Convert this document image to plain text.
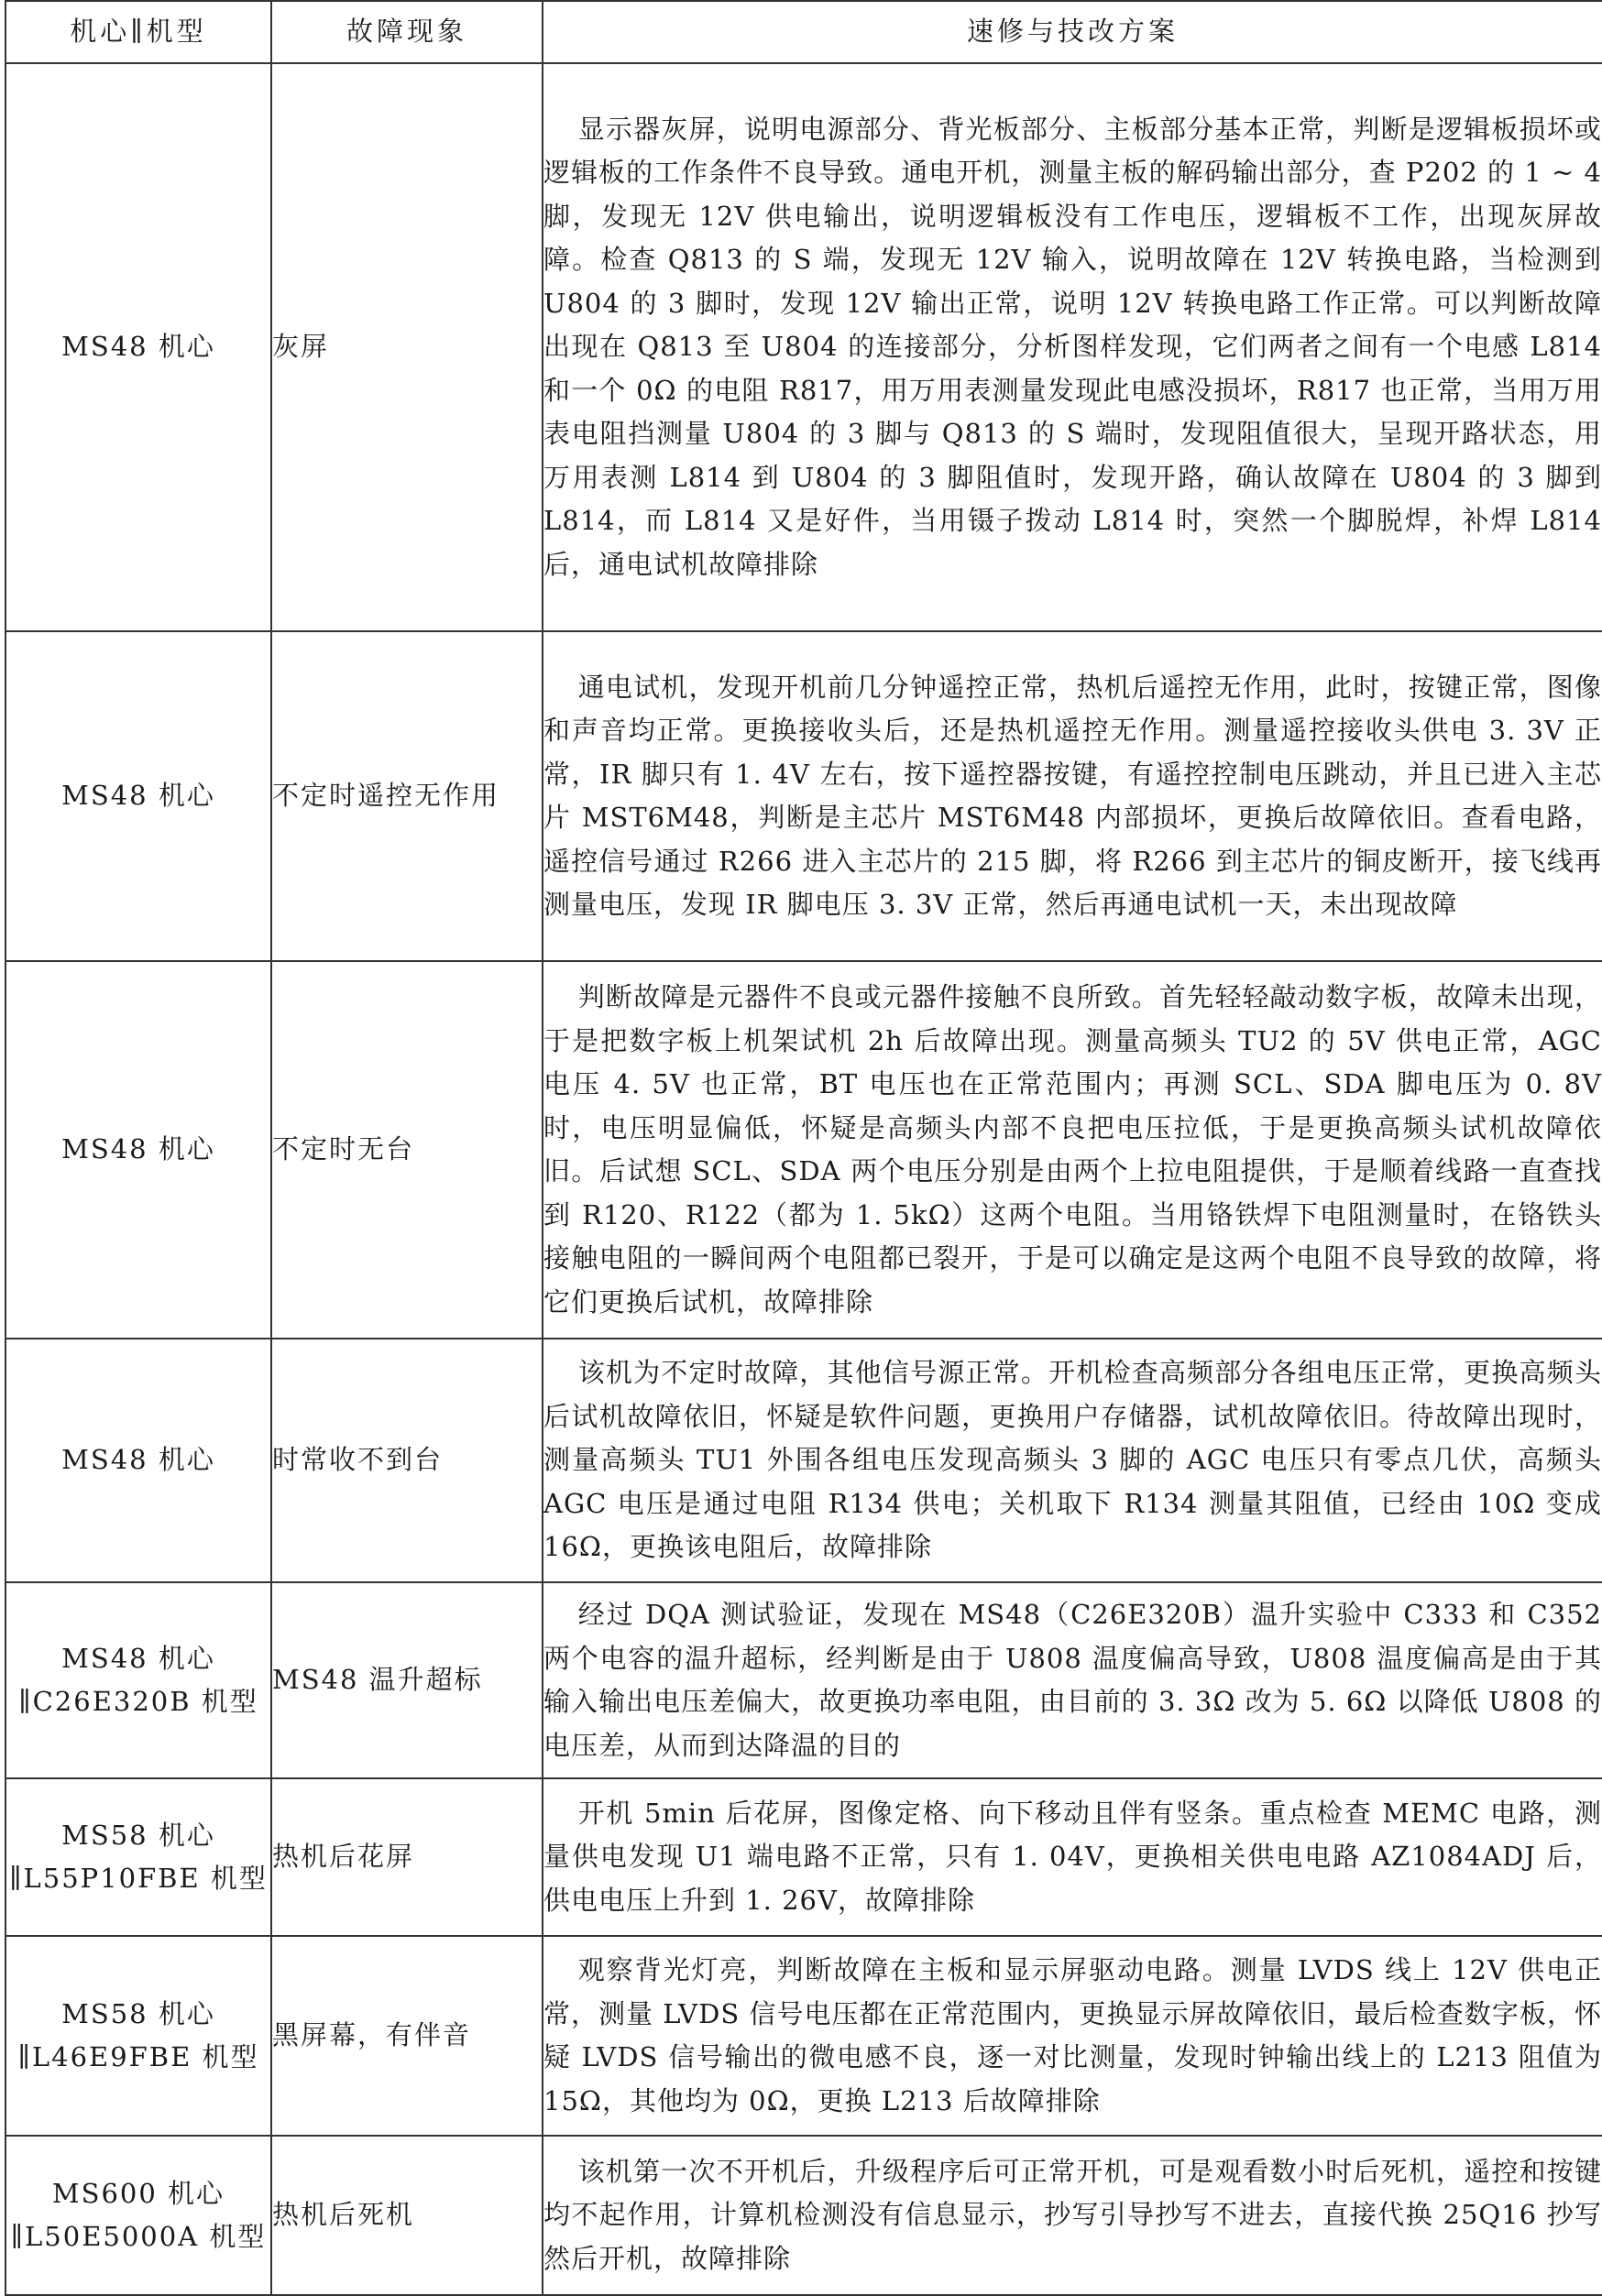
机心∥机型	故障现象	速修与技改方案
MS48 机心	灰屏	显示器灰屏，说明电源部分、背光板部分、主板部分基本正常，判断是逻辑板损坏或逻辑板的工作条件不良导致。通电开机，测量主板的解码输出部分，查 P202 的 1 ~ 4 脚，发现无 12V 供电输出，说明逻辑板没有工作电压，逻辑板不工作，出现灰屏故障。检查 Q813 的 S 端，发现无 12V 输入，说明故障在 12V 转换电路，当检测到 U804 的 3 脚时，发现 12V 输出正常，说明 12V 转换电路工作正常。可以判断故障出现在 Q813 至 U804 的连接部分，分析图样发现，它们两者之间有一个电感 L814 和一个 0Ω 的电阻 R817，用万用表测量发现此电感没损坏，R817 也正常，当用万用表电阻挡测量 U804 的 3 脚与 Q813 的 S 端时，发现阻值很大，呈现开路状态，用万用表测 L814 到 U804 的 3 脚阻值时，发现开路，确认故障在 U804 的 3 脚到 L814，而 L814 又是好件，当用镊子拨动 L814 时，突然一个脚脱焊，补焊 L814 后，通电试机故障排除

MS48 机心	不定时遥控无作用	通电试机，发现开机前几分钟遥控正常，热机后遥控无作用，此时，按键正常，图像和声音均正常。更换接收头后，还是热机遥控无作用。测量遥控接收头供电 3. 3V 正常，IR 脚只有 1. 4V 左右，按下遥控器按键，有遥控控制电压跳动，并且已进入主芯片 MST6M48，判断是主芯片 MST6M48 内部损坏，更换后故障依旧。查看电路，遥控信号通过 R266 进入主芯片的 215 脚，将 R266 到主芯片的铜皮断开，接飞线再测量电压，发现 IR 脚电压 3. 3V 正常，然后再通电试机一天，未出现故障

MS48 机心	不定时无台	判断故障是元器件不良或元器件接触不良所致。首先轻轻敲动数字板，故障未出现，于是把数字板上机架试机 2h 后故障出现。测量高频头 TU2 的 5V 供电正常，AGC 电压 4. 5V 也正常，BT 电压也在正常范围内；再测 SCL、SDA 脚电压为 0. 8V 时，电压明显偏低，怀疑是高频头内部不良把电压拉低，于是更换高频头试机故障依旧。后试想 SCL、SDA 两个电压分别是由两个上拉电阻提供，于是顺着线路一直查找到 R120、R122（都为 1. 5kΩ）这两个电阻。当用铬铁焊下电阻测量时，在铬铁头接触电阻的一瞬间两个电阻都已裂开，于是可以确定是这两个电阻不良导致的故障，将它们更换后试机，故障排除

MS48 机心	时常收不到台	该机为不定时故障，其他信号源正常。开机检查高频部分各组电压正常，更换高频头后试机故障依旧，怀疑是软件问题，更换用户存储器，试机故障依旧。待故障出现时，测量高频头 TU1 外围各组电压发现高频头 3 脚的 AGC 电压只有零点几伏，高频头 AGC 电压是通过电阻 R134 供电；关机取下 R134 测量其阻值，已经由 10Ω 变成 16Ω，更换该电阻后，故障排除

MS48 机心∥C26E320B 机型	MS48 温升超标	经过 DQA 测试验证，发现在 MS48（C26E320B）温升实验中 C333 和 C352 两个电容的温升超标，经判断是由于 U808 温度偏高导致，U808 温度偏高是由于其输入输出电压差偏大，故更换功率电阻，由目前的 3. 3Ω 改为 5. 6Ω 以降低 U808 的电压差，从而到达降温的目的

MS58 机心∥L55P10FBE 机型	热机后花屏	开机 5min 后花屏，图像定格、向下移动且伴有竖条。重点检查 MEMC 电路，测量供电发现 U1 端电路不正常，只有 1. 04V，更换相关供电电路 AZ1084ADJ 后，供电电压上升到 1. 26V，故障排除

MS58 机心∥L46E9FBE 机型	黑屏幕，有伴音	观察背光灯亮，判断故障在主板和显示屏驱动电路。测量 LVDS 线上 12V 供电正常，测量 LVDS 信号电压都在正常范围内，更换显示屏故障依旧，最后检查数字板，怀疑 LVDS 信号输出的微电感不良，逐一对比测量，发现时钟输出线上的 L213 阻值为 15Ω，其他均为 0Ω，更换 L213 后故障排除

MS600 机心∥L50E5000A 机型	热机后死机	该机第一次不开机后，升级程序后可正常开机，可是观看数小时后死机，遥控和按键均不起作用，计算机检测没有信息显示，抄写引导抄写不进去，直接代换 25Q16 抄写然后开机，故障排除
